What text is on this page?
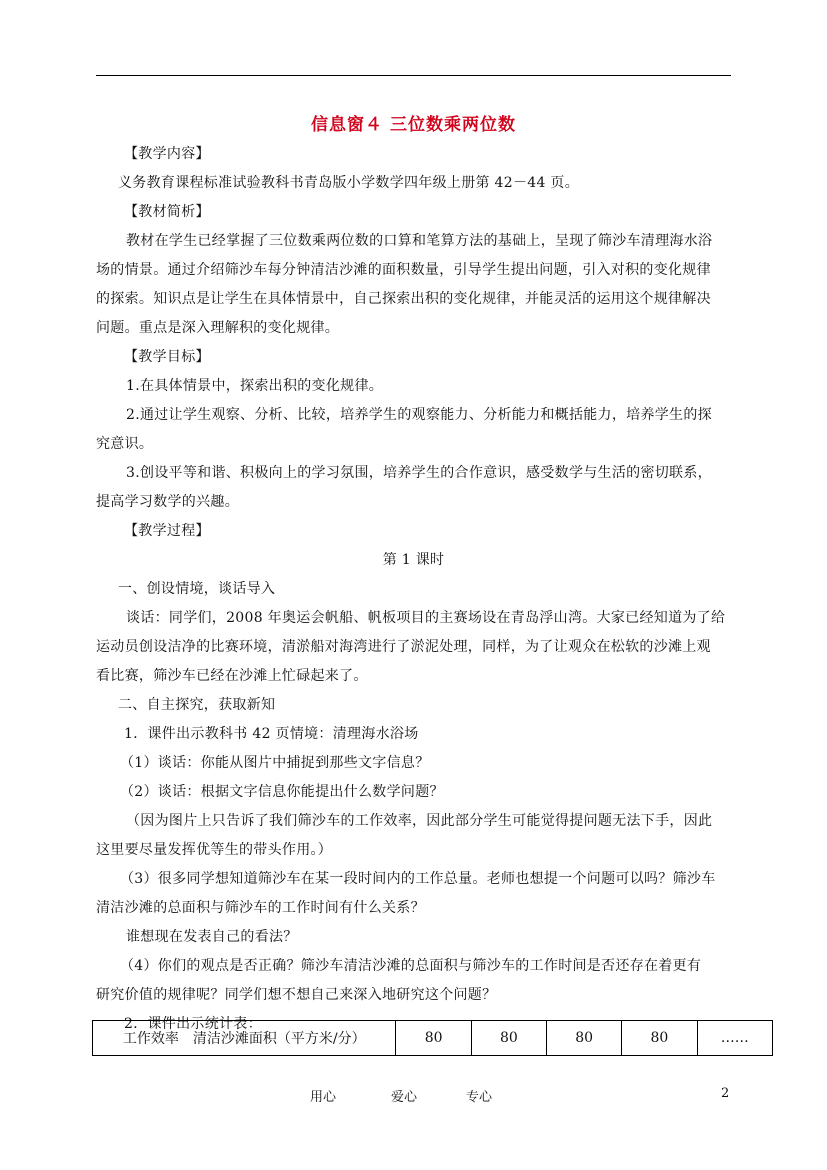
信息窗４ 三位数乘两位数
【教学内容】
义务教育课程标准试验教科书青岛版小学数学四年级上册第 42－44 页。
【教材简析】
教材在学生已经掌握了三位数乘两位数的口算和笔算方法的基础上，呈现了筛沙车清理海水浴
场的情景。通过介绍筛沙车每分钟清洁沙滩的面积数量，引导学生提出问题，引入对积的变化规律
的探索。知识点是让学生在具体情景中，自己探索出积的变化规律，并能灵活的运用这个规律解决
问题。重点是深入理解积的变化规律。
【教学目标】
1.在具体情景中，探索出积的变化规律。
2.通过让学生观察、分析、比较，培养学生的观察能力、分析能力和概括能力，培养学生的探
究意识。
3.创设平等和谐、积极向上的学习氛围，培养学生的合作意识，感受数学与生活的密切联系，
提高学习数学的兴趣。
【教学过程】
第 1 课时
一、创设情境，谈话导入
谈话：同学们，2008 年奥运会帆船、帆板项目的主赛场设在青岛浮山湾。大家已经知道为了给
运动员创设洁净的比赛环境，清淤船对海湾进行了淤泥处理，同样，为了让观众在松软的沙滩上观
看比赛，筛沙车已经在沙滩上忙碌起来了。
二、自主探究，获取新知
1．课件出示教科书 42 页情境：清理海水浴场
（1）谈话：你能从图片中捕捉到那些文字信息？
（2）谈话：根据文字信息你能提出什么数学问题？
（因为图片上只告诉了我们筛沙车的工作效率，因此部分学生可能觉得提问题无法下手，因此
这里要尽量发挥优等生的带头作用。）
（3）很多同学想知道筛沙车在某一段时间内的工作总量。老师也想提一个问题可以吗？筛沙车
清洁沙滩的总面积与筛沙车的工作时间有什么关系？
谁想现在发表自己的看法？
（4）你们的观点是否正确？筛沙车清洁沙滩的总面积与筛沙车的工作时间是否还存在着更有
研究价值的规律呢？同学们想不想自己来深入地研究这个问题？
2．课件出示统计表：
工作效率　清洁沙滩面积（平方米/分）	80	80	80	80	……
用心	爱心	专心	2
